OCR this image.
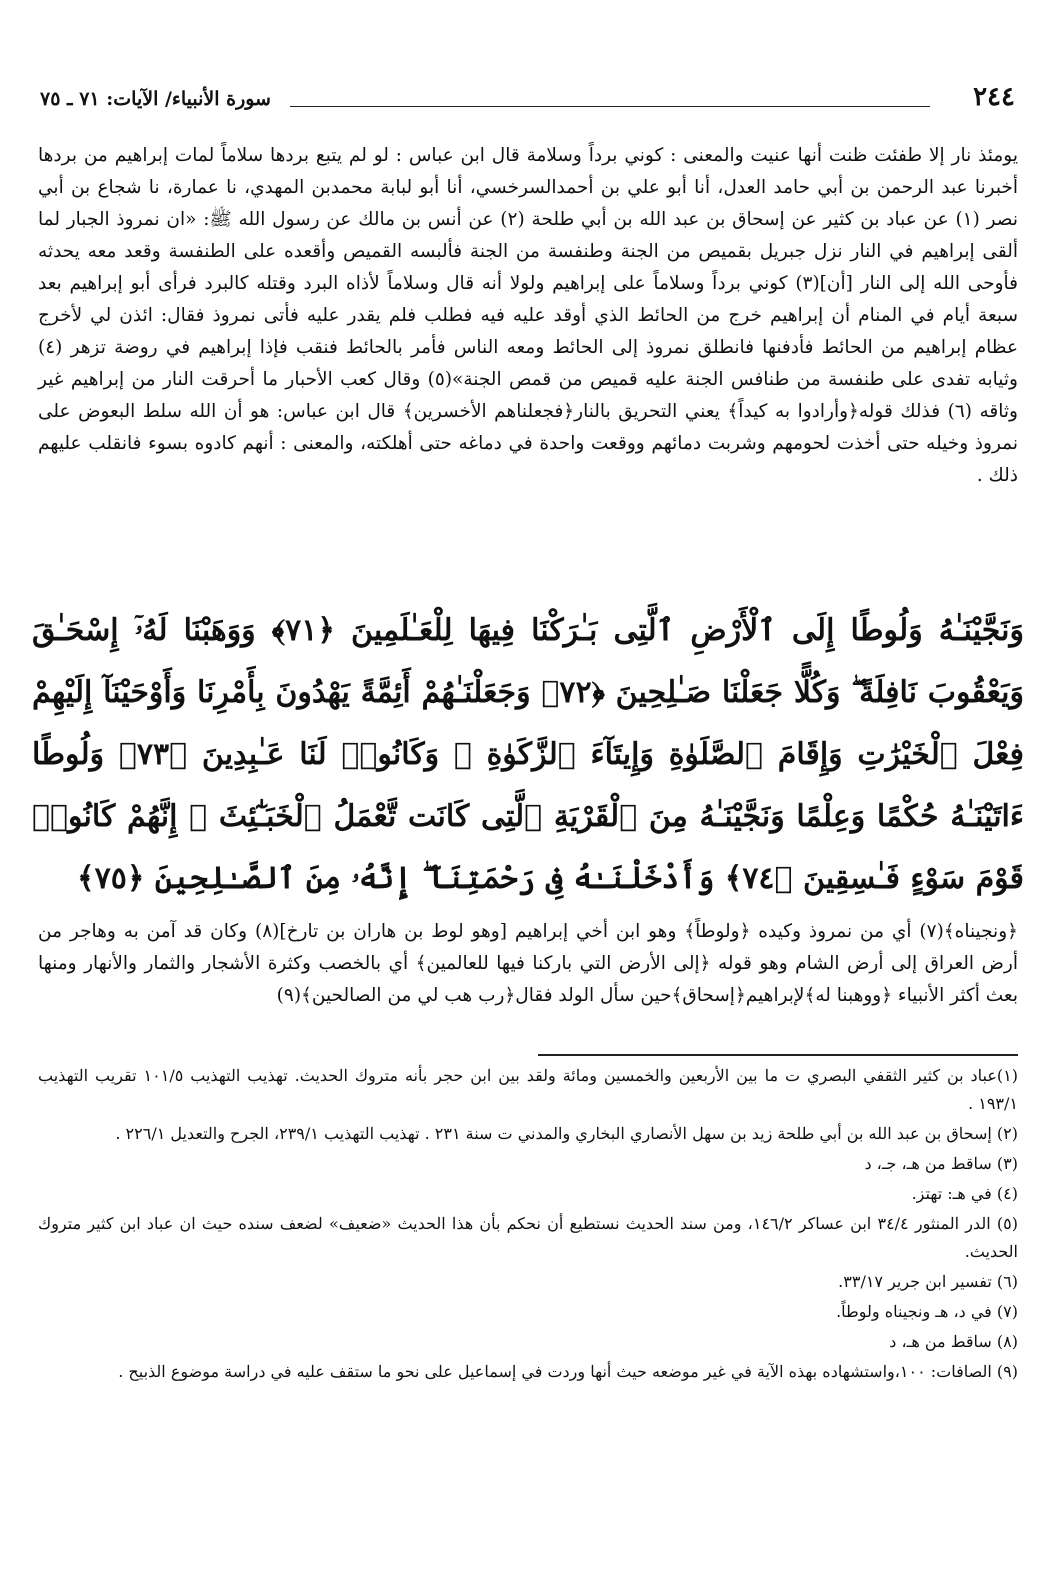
٢٤٤
سورة الأنبياء/ الآيات: ٧١ ـ ٧٥

يومئذ نار إلا طفئت ظنت أنها عنيت والمعنى : كوني برداً وسلامة قال ابن عباس : لو لم يتبع بردها سلاماً لمات إبراهيم من بردها أخبرنا عبد الرحمن بن أبي حامد العدل، أنا أبو علي بن أحمدالسرخسي، أنا أبو لبابة محمدبن المهدي، نا عمارة، نا شجاع بن أبي نصر (١) عن عباد بن كثير عن إسحاق بن عبد الله بن أبي طلحة (٢) عن أنس بن مالك عن رسول الله ﷺ: «ان نمروذ الجبار لما ألقى إبراهيم في النار نزل جبريل بقميص من الجنة وطنفسة من الجنة فألبسه القميص وأقعده على الطنفسة وقعد معه يحدثه فأوحى الله إلى النار [أن](٣) كوني برداً وسلاماً على إبراهيم ولولا أنه قال وسلاماً لأذاه البرد وقتله كالبرد فرأى أبو إبراهيم بعد سبعة أيام في المنام أن إبراهيم خرج من الحائط الذي أوقد عليه فيه فطلب فلم يقدر عليه فأتى نمروذ فقال: ائذن لي لأخرج عظام إبراهيم من الحائط فأدفنها فانطلق نمروذ إلى الحائط ومعه الناس فأمر بالحائط فنقب فإذا إبراهيم في روضة تزهر (٤) وثيابه تفدى على طنفسة من طنافس الجنة عليه قميص من قمص الجنة»(٥) وقال كعب الأحبار ما أحرقت النار من إبراهيم غير وثاقه (٦) فذلك قوله﴿وأرادوا به كيداً﴾ يعني التحريق بالنار﴿فجعلناهم الأخسرين﴾ قال ابن عباس: هو أن الله سلط البعوض على نمروذ وخيله حتى أخذت لحومهم وشربت دمائهم ووقعت واحدة في دماغه حتى أهلكته، والمعنى : أنهم كادوه بسوء فانقلب عليهم ذلك .

وَنَجَّيْنَـٰهُ وَلُوطًا إِلَى ٱلْأَرْضِ ٱلَّتِى بَـٰرَكْنَا فِيهَا لِلْعَـٰلَمِينَ ﴿٧١﴾ وَوَهَبْنَا لَهُۥٓ إِسْحَـٰقَ وَيَعْقُوبَ نَافِلَةً ۖ وَكُلًّا جَعَلْنَا صَـٰلِحِينَ ﴿٧٢﴾ وَجَعَلْنَـٰهُمْ أَئِمَّةً يَهْدُونَ بِأَمْرِنَا وَأَوْحَيْنَآ إِلَيْهِمْ فِعْلَ ٱلْخَيْرَٰتِ وَإِقَامَ ٱلصَّلَوٰةِ وَإِيتَآءَ ٱلزَّكَوٰةِ ۖ وَكَانُوا۟ لَنَا عَـٰبِدِينَ ﴿٧٣﴾ وَلُوطًا ءَاتَيْنَـٰهُ حُكْمًا وَعِلْمًا وَنَجَّيْنَـٰهُ مِنَ ٱلْقَرْيَةِ ٱلَّتِى كَانَت تَّعْمَلُ ٱلْخَبَـٰٓئِثَ ۗ إِنَّهُمْ كَانُوا۟ قَوْمَ سَوْءٍ فَـٰسِقِينَ ﴿٧٤﴾ وَأَدْخَلْنَـٰهُ فِى رَحْمَتِنَآ ۖ إِنَّهُۥ مِنَ ٱلصَّـٰلِحِينَ ﴿٧٥﴾

﴿ونجيناه﴾(٧) أي من نمروذ وكيده ﴿ولوطاً﴾ وهو ابن أخي إبراهيم [وهو لوط بن هاران بن تارخ](٨) وكان قد آمن به وهاجر من أرض العراق إلى أرض الشام وهو قوله ﴿إلى الأرض التي باركنا فيها للعالمين﴾ أي بالخصب وكثرة الأشجار والثمار والأنهار ومنها بعث أكثر الأنبياء ﴿ووهبنا له﴾لإبراهيم﴿إسحاق﴾حين سأل الولد فقال﴿رب هب لي من الصالحين﴾(٩)

(١)عباد بن كثير الثقفي البصري ت ما بين الأربعين والخمسين ومائة ولقد بين ابن حجر بأنه متروك الحديث. تهذيب التهذيب ١٠١/٥ تقريب التهذيب ١٩٣/١ .

(٢) إسحاق بن عبد الله بن أبي طلحة زيد بن سهل الأنصاري البخاري والمدني ت سنة ٢٣١ . تهذيب التهذيب ٢٣٩/١، الجرح والتعديل ٢٢٦/١ .

(٣) ساقط من هـ، جـ، د

(٤) في هـ: تهتز.

(٥) الدر المنثور ٣٤/٤ ابن عساكر ١٤٦/٢، ومن سند الحديث نستطيع أن نحكم بأن هذا الحديث «ضعيف» لضعف سنده حيث ان عباد ابن كثير متروك الحديث.

(٦) تفسير ابن جرير ٣٣/١٧.

(٧) في د، هـ ونجيناه ولوطاً.

(٨) ساقط من هـ، د

(٩) الصافات: ١٠٠،واستشهاده بهذه الآية في غير موضعه حيث أنها وردت في إسماعيل على نحو ما ستقف عليه في دراسة موضوع الذبيح .
